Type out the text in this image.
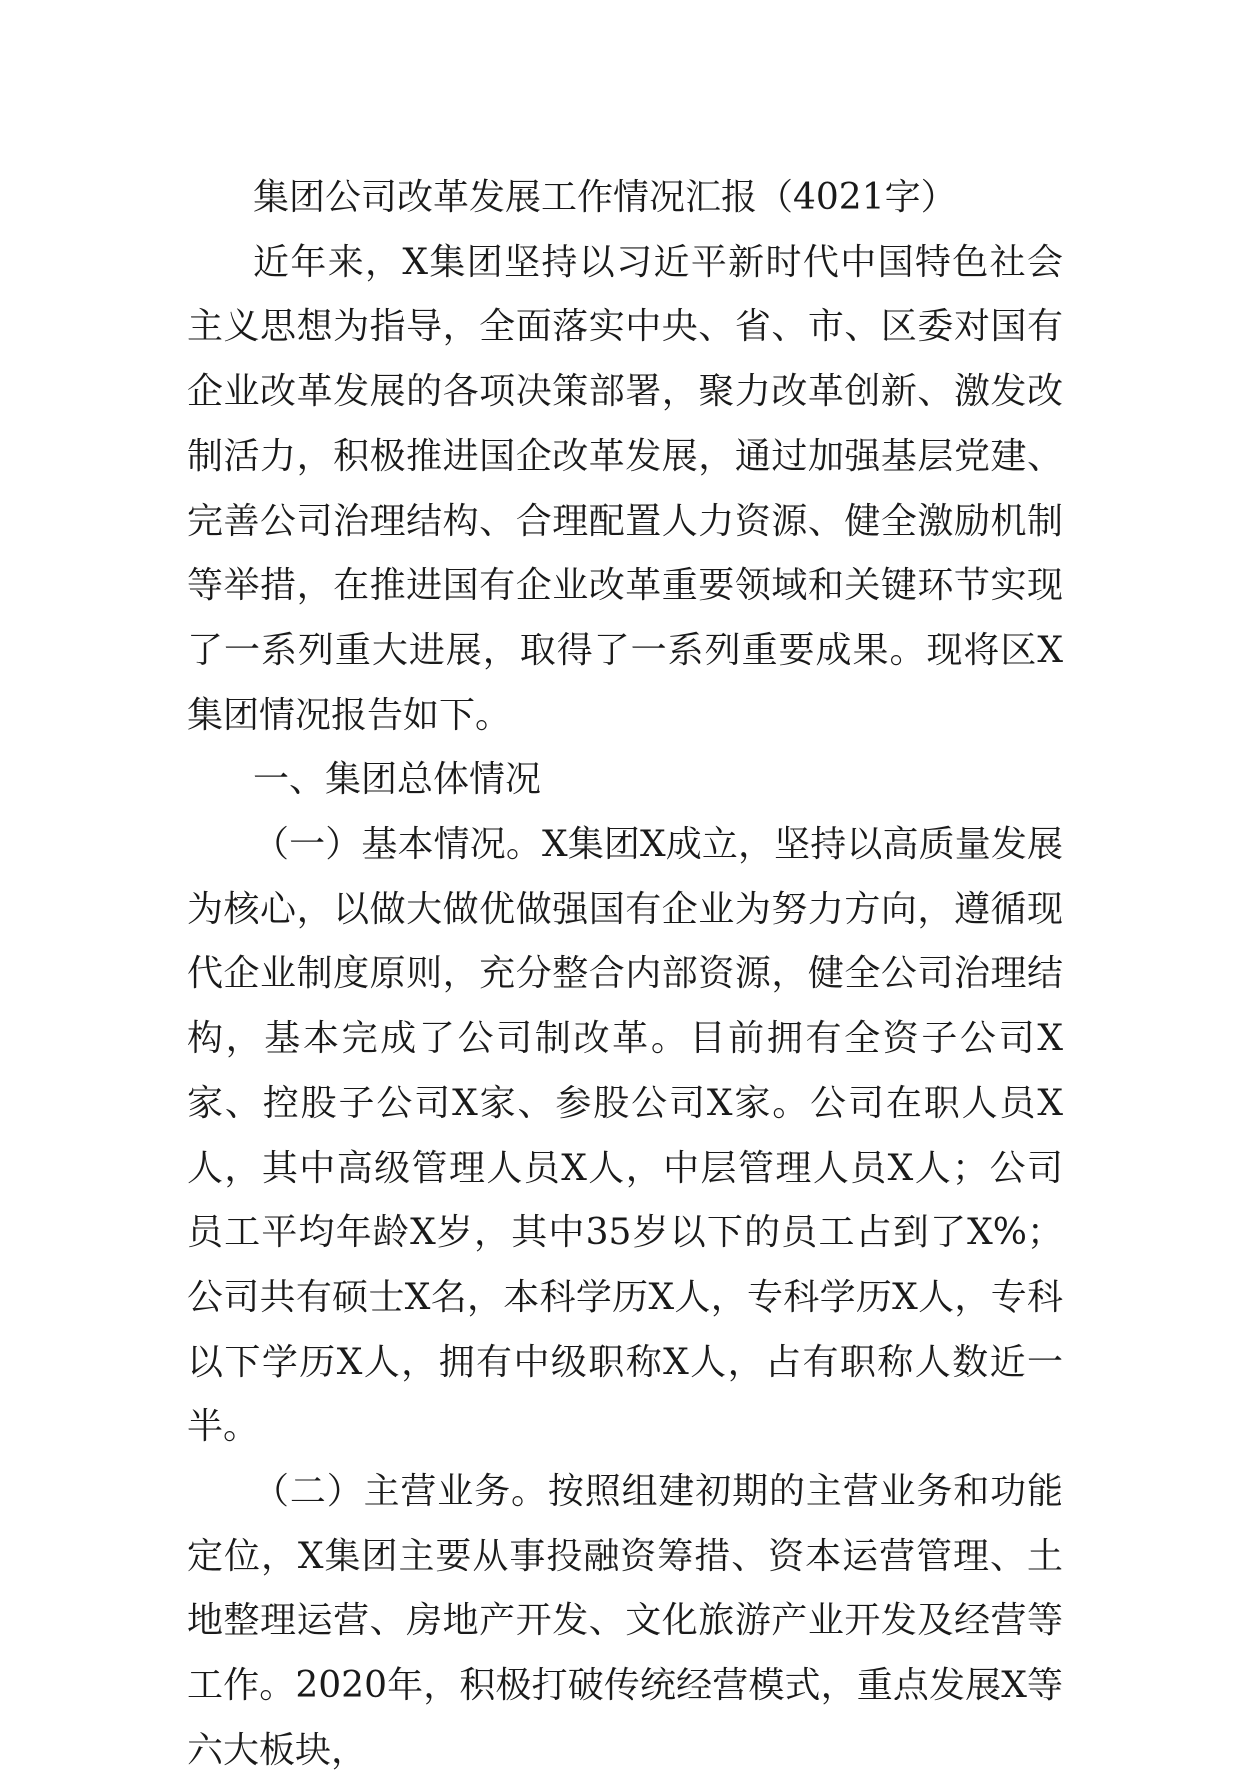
集团公司改革发展工作情况汇报（4021字）

近年来，X集团坚持以习近平新时代中国特色社会主义思想为指导，全面落实中央、省、市、区委对国有企业改革发展的各项决策部署，聚力改革创新、激发改制活力，积极推进国企改革发展，通过加强基层党建、完善公司治理结构、合理配置人力资源、健全激励机制等举措，在推进国有企业改革重要领域和关键环节实现了一系列重大进展，取得了一系列重要成果。现将区X集团情况报告如下。

一、集团总体情况

（一）基本情况。X集团X成立，坚持以高质量发展为核心，以做大做优做强国有企业为努力方向，遵循现代企业制度原则，充分整合内部资源，健全公司治理结构，基本完成了公司制改革。目前拥有全资子公司X家、控股子公司X家、参股公司X家。公司在职人员X人，其中高级管理人员X人，中层管理人员X人；公司员工平均年龄X岁，其中35岁以下的员工占到了X%；公司共有硕士X名，本科学历X人，专科学历X人，专科以下学历X人，拥有中级职称X人，占有职称人数近一半。

（二）主营业务。按照组建初期的主营业务和功能定位，X集团主要从事投融资筹措、资本运营管理、土地整理运营、房地产开发、文化旅游产业开发及经营等工作。2020年，积极打破传统经营模式，重点发展X等六大板块，
